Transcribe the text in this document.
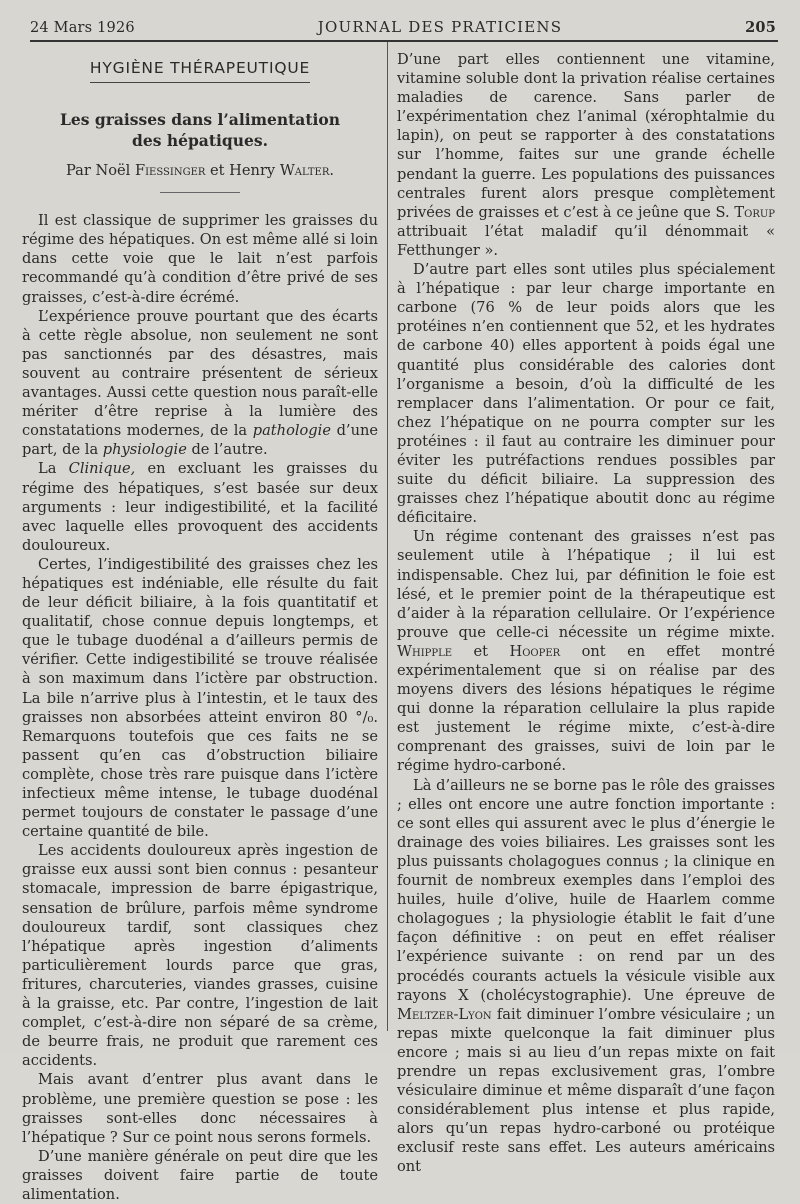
24 Mars 1926	JOURNAL DES PRATICIENS	205
HYGIÈNE THÉRAPEUTIQUE
Les graisses dans l’alimentation
des hépatiques.
Par Noël Fiessinger et Henry Walter.

Il est classique de supprimer les graisses du régime des hépatiques. On est même allé si loin dans cette voie que le lait n’est parfois recommandé qu’à condition d’être privé de ses graisses, c’est-à-dire écrémé.

L’expérience prouve pourtant que des écarts à cette règle absolue, non seulement ne sont pas sanctionnés par des désastres, mais souvent au contraire présentent de sérieux avantages. Aussi cette question nous paraît-elle mériter d’être reprise à la lumière des constatations modernes, de la pathologie d’une part, de la physiologie de l’autre.

La Clinique, en excluant les graisses du régime des hépatiques, s’est basée sur deux arguments : leur indigestibilité, et la facilité avec laquelle elles provoquent des accidents douloureux.

Certes, l’indigestibilité des graisses chez les hépatiques est indéniable, elle résulte du fait de leur déficit biliaire, à la fois quantitatif et qualitatif, chose connue depuis longtemps, et que le tubage duodénal a d’ailleurs permis de vérifier. Cette indigestibilité se trouve réalisée à son maximum dans l’ictère par obstruction. La bile n’arrive plus à l’intestin, et le taux des graisses non absorbées atteint environ 80 °/₀. Remarquons toutefois que ces faits ne se passent qu’en cas d’obstruction biliaire complète, chose très rare puisque dans l’ictère infectieux même intense, le tubage duodénal permet toujours de constater le passage d’une certaine quantité de bile.

Les accidents douloureux après ingestion de graisse eux aussi sont bien connus : pesanteur stomacale, impression de barre épigastrique, sensation de brûlure, parfois même syndrome douloureux tardif, sont classiques chez l’hépatique après ingestion d’aliments particulièrement lourds parce que gras, fritures, charcuteries, viandes grasses, cuisine à la graisse, etc. Par contre, l’ingestion de lait complet, c’est-à-dire non séparé de sa crème, de beurre frais, ne produit que rarement ces accidents.

Mais avant d’entrer plus avant dans le problème, une première question se pose : les graisses sont-elles donc nécessaires à l’hépatique ? Sur ce point nous serons formels.

D’une manière générale on peut dire que les graisses doivent faire partie de toute alimentation.

D’une part elles contiennent une vitamine, vitamine soluble dont la privation réalise certaines maladies de carence. Sans parler de l’expérimentation chez l’animal (xérophtalmie du lapin), on peut se rapporter à des constatations sur l’homme, faites sur une grande échelle pendant la guerre. Les populations des puissances centrales furent alors presque complètement privées de graisses et c’est à ce jeûne que S. Torup attribuait l’état maladif qu’il dénommait « Fetthunger ».

D’autre part elles sont utiles plus spécialement à l’hépatique : par leur charge importante en carbone (76 % de leur poids alors que les protéines n’en contiennent que 52, et les hydrates de carbone 40) elles apportent à poids égal une quantité plus considérable des calories dont l’organisme a besoin, d’où la difficulté de les remplacer dans l’alimentation. Or pour ce fait, chez l’hépatique on ne pourra compter sur les protéines : il faut au contraire les diminuer pour éviter les putréfactions rendues possibles par suite du déficit biliaire. La suppression des graisses chez l’hépatique aboutit donc au régime déficitaire.

Un régime contenant des graisses n’est pas seulement utile à l’hépatique ; il lui est indispensable. Chez lui, par définition le foie est lésé, et le premier point de la thérapeutique est d’aider à la réparation cellulaire. Or l’expérience prouve que celle-ci nécessite un régime mixte. Whipple et Hooper ont en effet montré expérimentalement que si on réalise par des moyens divers des lésions hépatiques le régime qui donne la réparation cellulaire la plus rapide est justement le régime mixte, c’est-à-dire comprenant des graisses, suivi de loin par le régime hydro-carboné.

Là d’ailleurs ne se borne pas le rôle des graisses ; elles ont encore une autre fonction importante : ce sont elles qui assurent avec le plus d’énergie le drainage des voies biliaires. Les graisses sont les plus puissants cholagogues connus ; la clinique en fournit de nombreux exemples dans l’emploi des huiles, huile d’olive, huile de Haarlem comme cholagogues ; la physiologie établit le fait d’une façon définitive : on peut en effet réaliser l’expérience suivante : on rend par un des procédés courants actuels la vésicule visible aux rayons X (cholécystographie). Une épreuve de Meltzer-Lyon fait diminuer l’ombre vésiculaire ; un repas mixte quelconque la fait diminuer plus encore ; mais si au lieu d’un repas mixte on fait prendre un repas exclusivement gras, l’ombre vésiculaire diminue et même disparaît d’une façon considérablement plus intense et plus rapide, alors qu’un repas hydro-carboné ou protéique exclusif reste sans effet. Les auteurs américains ont
